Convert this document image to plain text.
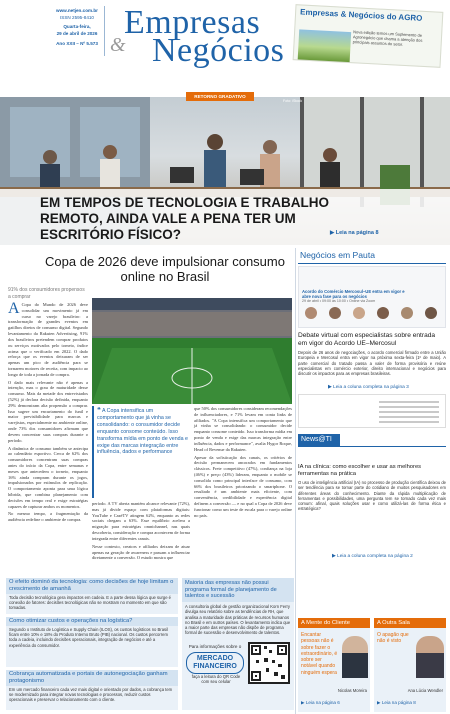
www.netjen.com.br
ISSN 2595-8410
Quarta-feira,
29 de abril de 2026
Ano XXII – Nº 5.573
Empresas
& Negócios
Empresas & Negócios do AGRO
Nova edição temos um Suplemento de Agronegócio que chama a atenção dos principais assuntos do setor.
RETORNO GRADATIVO
Foto: iStock
EM TEMPOS DE TECNOLOGIA E TRABALHO REMOTO, AINDA VALE A PENA TER UM ESCRITÓRIO FÍSICO?	▶ Leia na página 8
Copa de 2026 deve impulsionar consumo online no Brasil
91% dos consumidores propensos a comprar
A Copa do Mundo de 2026 deve consolidar um movimento já em curso no varejo brasileiro: a transformação de grandes eventos em gatilhos diretos de consumo digital. Segundo levantamento da Rakuten Advertising, 91% dos brasileiros pretendem comprar produtos ou serviços motivados pelo torneio, índice acima que o verificado em 2022. O dado reforça que os eventos deixaram de ser apenas um pico de audiência para se tornarem motores de receita, com impacto ao longo de toda a jornada de compra.
O dado mais relevante não é apenas a intenção, mas o grau de maturidade desse consumo. Mais da metade dos entrevistados (52%) já declara decisão definida, enquanto 29% demonstram alta propensão a comprar. Isso sugere um encurtamento do funil e maior previsibilidade para marcas e varejistas, especialmente no ambiente online, onde 73% dos consumidores afirmam que devem concentrar suas compras durante o período.
A dinâmica de consumo também se antecipa ao calendário esportivo. Cerca de 62% dos consumidores concentram suas compras antes do início da Copa, entre semanas e meses que antecedem o torneio, enquanto 16% ainda compram durante os jogos, impulsionados por estímulos de replicação. O comportamento aponta para uma lógica híbrida, que combina planejamento com decisões em tempo real e exige estratégias capazes de capturar ambos os momentos.
No mesmo tempo, a fragmentação da audiência redefine o ambiente de compra.
❝ A Copa intensifica um comportamento que já vinha se consolidando: o consumidor decide enquanto consome conteúdo. Isso transforma mídia em ponto de venda e exige das marcas integração entre influência, dados e performance
período. A TV aberta mantém alcance relevante (72%), mas já divide espaço com plataformas digitais: YouTube e CazéTV atingem 62%, enquanto as redes sociais chegam a 63%. Esse equilíbrio acelera a migração para estratégias omnichannel, nas quais descoberta, consideração e compra acontecem de forma integrada entre diferentes canais.
Nesse contexto, creators e afiliados deixam de atuar apenas na geração de awareness e passam a influenciar diretamente a conversão. O estudo mostra que
que 50% dos consumidores consideram recomendações de influenciadores, e 71% levam em conta links de afiliados. "A Copa intensifica um comportamento que já vinha se consolidando: o consumidor decide enquanto consome conteúdo. Isso transforma mídia em ponto de venda e exige das marcas integração entre influência, dados e performance", avalia Hygor Roque, Head of Revenue da Rakuten.
Apesar da sofisticação dos canais, os critérios de decisão permanecem ancorados em fundamentos clássicos. Frete competitivo (47%), confiança na loja (46%) e preço (43%) lideram, enquanto o mobile se consolida como principal interface de consumo, com 66% dos brasileiros priorizando o smartphone. O resultado é um ambiente mais eficiente, com conveniência, credibilidade e experiência digital definem a conversão — e no qual a Copa de 2026 deve funcionar como um teste de escala para o varejo online no país.
O efeito dominó da tecnologia: como decisões de hoje limitam o crescimento de amanhã
Toda decisão tecnológica gera impactos em cadeia. E a parte dessa lógica que surge é conexão de fatores: decisões tecnológicas não se mostram no momento em que são tomadas.
Como otimizar custos e operações na logística?
Segundo o Instituto de Logística e Supply Chain (ILOS), os custos logísticos no Brasil ficam entre 10% e 18% do Produto Interno Bruto (PIB) nacional. Os custos percorrem toda a cadeia, incluindo decisões operacionais, integração de negócios e até a experiência do consumidor.
Cobrança automatizada e portais de autonegociação ganham protagonismo
Em um mercado financeiro cada vez mais digital e orientado por dados, a cobrança tem se modernizado para integrar novas tecnologias e processos, reduzir custos operacionais e preservar o relacionamento com o cliente.
Maioria das empresas não possui programa formal de planejamento de talentos e sucessão
A consultoria global de gestão organizacional Korn Ferry divulga seu relatório sobre as tendências de RH, que analisa a maturidade das práticas de recursos humanos no Brasil e em outros países. O levantamento indica que a maior parte das empresas não dispõe de programa formal de sucessão e desenvolvimento de talentos.
Para informações sobre o
MERCADO FINANCEIRO
faça a leitura do QR Code com seu celular
Negócios em Pauta
Acordo do Comércio Mercosul–UE entra em vigor e abre nova fase para os negócios
29 de abril • 09:00 às 10:00 • Online via Zoom
Debate virtual com especialistas sobre entrada em vigor do Acordo UE–Mercosul
Depois de 26 anos de negociações, o acordo comercial firmado entre a União Europeia e Mercosul entra em vigor na próxima sexta-feira (1º de maio). A parte comercial do tratado passa a valer de forma provisória e reúne especialistas em comércio exterior, direito internacional e negócios para discutir os impactos para as empresas brasileiras.
▶ Leia a coluna completa na página 3
News@TI
IA na clínica: como escolher e usar as melhores ferramentas na prática
O uso de inteligência artificial (IA) no processo de produção científica deixou de ser tendência para se tornar parte do cotidiano de muitos pesquisadores em diferentes áreas do conhecimento. Diante da rápida multiplicação de ferramentas e possibilidades, uma pergunta tem se tornado cada vez mais comum: afinal, quais soluções usar e como utilizá-las de forma ética e estratégica?
▶ Leia a coluna completa na página 2
A Mente do Cliente
Encantar pessoas não é sobre fazer o extraordinário, é sobre ser notável quando ninguém espera
Nicolas Moreira
▶ Leia na página 6
A Outra Sala
O apagão que não é visto
Ana Lúcia Wendler
▶ Leia na página 8
